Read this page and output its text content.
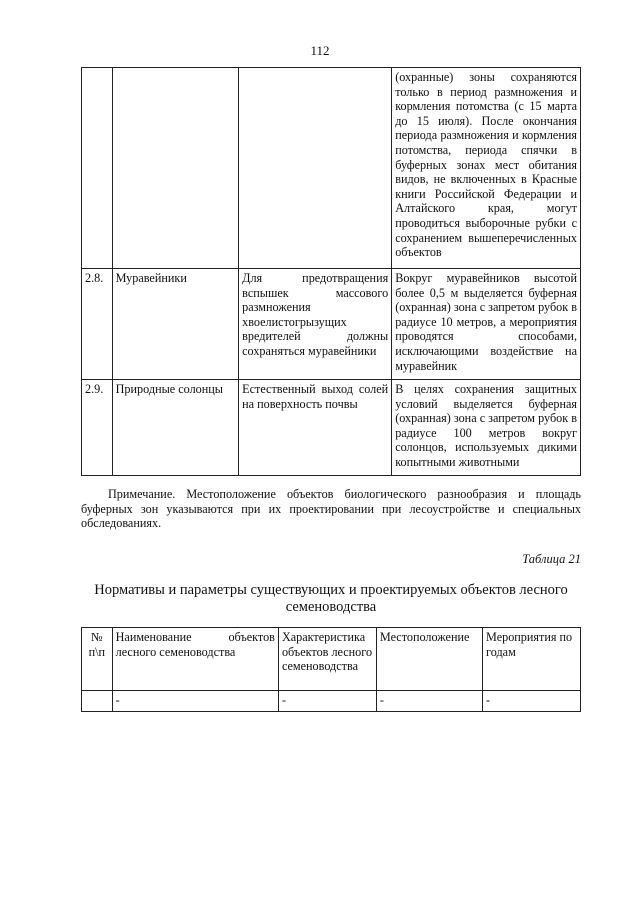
112
			(охранные) зоны сохраняются только в период размножения и кормления потомства (с 15 марта до 15 июля). После окончания периода размножения и кормления потомства, периода спячки в буферных зонах мест обитания видов, не включенных в Красные книги Российской Федерации и Алтайского края, могут проводиться выборочные рубки с сохранением вышеперечисленных объектов
2.8.	Муравейники	Для предотвращения вспышек массового размножения хвоелистогрызущих вредителей должны сохраняться муравейники	Вокруг муравейников высотой более 0,5 м выделяется буферная (охранная) зона с запретом рубок в радиусе 10 метров, а мероприятия проводятся способами, исключающими воздействие на муравейник
2.9.	Природные солонцы	Естественный выход солей на поверхность почвы	В целях сохранения защитных условий выделяется буферная (охранная) зона с запретом рубок в радиусе 100 метров вокруг солонцов, используемых дикими копытными животными
Примечание. Местоположение объектов биологического разнообразия и площадь буферных зон указываются при их проектировании при лесоустройстве и специальных обследованиях.
Таблица 21
Нормативы и параметры существующих и проектируемых объектов лесного семеноводства
№ п\п	Наименование объектов лесного семеноводства	Характеристика объектов лесного семеноводства	Местоположение	Мероприятия по годам
	-	-	-	-
